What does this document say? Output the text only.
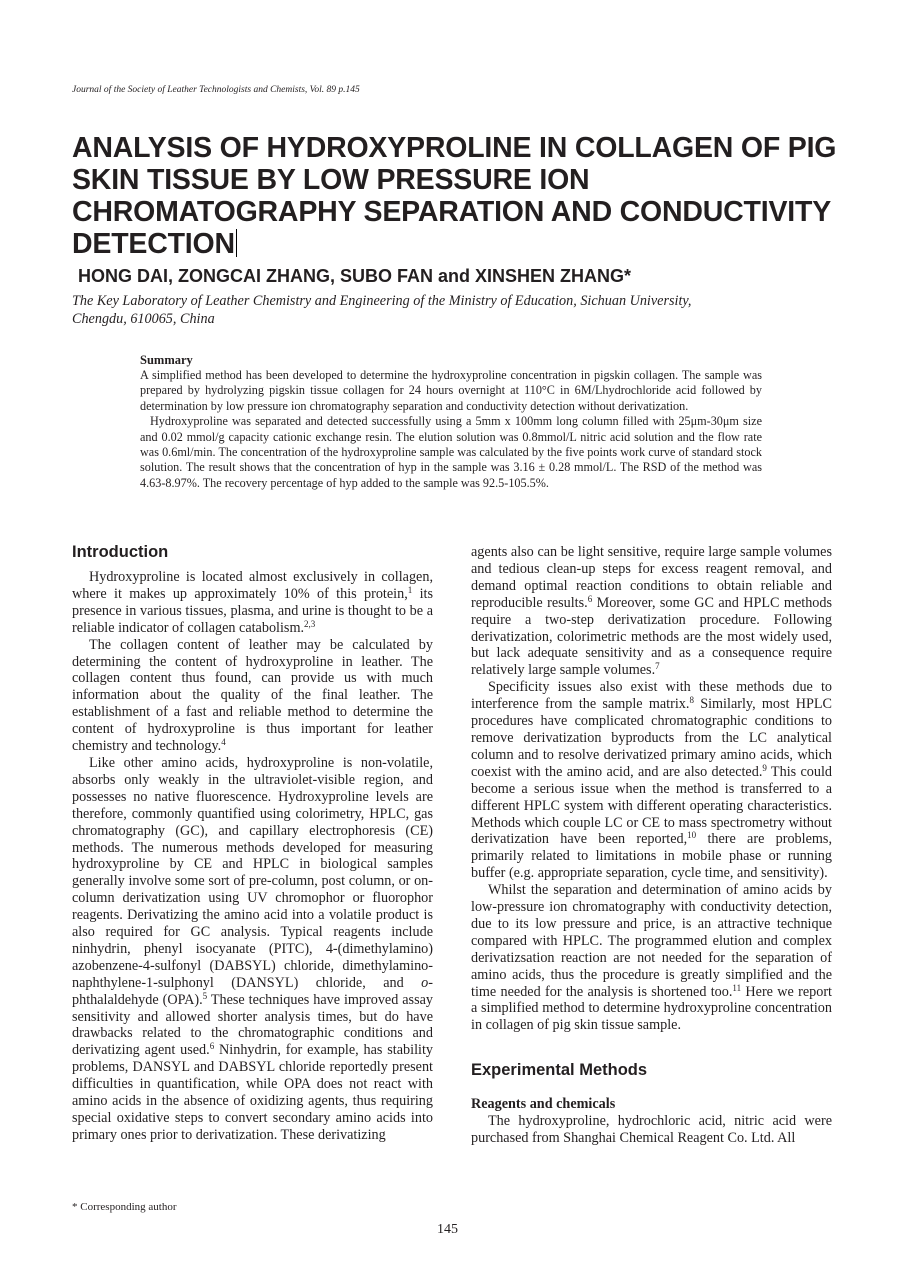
Journal of the Society of Leather Technologists and Chemists, Vol. 89 p.145
ANALYSIS OF HYDROXYPROLINE IN COLLAGEN OF PIG
SKIN TISSUE BY LOW PRESSURE ION
CHROMATOGRAPHY SEPARATION AND CONDUCTIVITY
DETECTION
HONG DAI, ZONGCAI ZHANG, SUBO FAN and XINSHEN ZHANG*
The Key Laboratory of Leather Chemistry and Engineering of the Ministry of Education, Sichuan University,
Chengdu, 610065, China
Summary

A simplified method has been developed to determine the hydroxyproline concentration in pigskin collagen. The sample was prepared by hydrolyzing pigskin tissue collagen for 24 hours overnight at 110°C in 6M/Lhydrochloride acid followed by determination by low pressure ion chromatography separation and conductivity detection without derivatization.

Hydroxyproline was separated and detected successfully using a 5mm x 100mm long column filled with 25μm-30μm size and 0.02 mmol/g capacity cationic exchange resin. The elution solution was 0.8mmol/L nitric acid solution and the flow rate was 0.6ml/min. The concentration of the hydroxyproline sample was calculated by the five points work curve of standard stock solution. The result shows that the concentration of hyp in the sample was 3.16 ± 0.28 mmol/L. The RSD of the method was 4.63-8.97%. The recovery percentage of hyp added to the sample was 92.5-105.5%.

Introduction

Hydroxyproline is located almost exclusively in collagen, where it makes up approximately 10% of this protein,$^1$ its presence in various tissues, plasma, and urine is thought to be a reliable indicator of collagen catabolism.$^{2,3}$

The collagen content of leather may be calculated by determining the content of hydroxyproline in leather. The collagen content thus found, can provide us with much information about the quality of the final leather. The establishment of a fast and reliable method to determine the content of hydroxyproline is thus important for leather chemistry and technology.$^4$

Like other amino acids, hydroxyproline is non-volatile, absorbs only weakly in the ultraviolet-visible region, and possesses no native fluorescence. Hydroxyproline levels are therefore, commonly quantified using colorimetry, HPLC, gas chromatography (GC), and capillary electrophoresis (CE) methods. The numerous methods developed for measuring hydroxyproline by CE and HPLC in biological samples generally involve some sort of pre-column, post column, or on-column derivatization using UV chromophor or fluorophor reagents. Derivatizing the amino acid into a volatile product is also required for GC analysis. Typical reagents include ninhydrin, phenyl isocyanate (PITC), 4-(dimethylamino) azobenzene-4-sulfonyl (DABSYL) chloride, dimethylamino-naphthylene-1-sulphonyl (DANSYL) chloride, and o-phthalaldehyde (OPA).$^5$ These techniques have improved assay sensitivity and allowed shorter analysis times, but do have drawbacks related to the chromatographic conditions and derivatizing agent used.$^6$ Ninhydrin, for example, has stability problems, DANSYL and DABSYL chloride reportedly present difficulties in quantification, while OPA does not react with amino acids in the absence of oxidizing agents, thus requiring special oxidative steps to convert secondary amino acids into primary ones prior to derivatization. These derivatizing

agents also can be light sensitive, require large sample volumes and tedious clean-up steps for excess reagent removal, and demand optimal reaction conditions to obtain reliable and reproducible results.$^6$ Moreover, some GC and HPLC methods require a two-step derivatization procedure. Following derivatization, colorimetric methods are the most widely used, but lack adequate sensitivity and as a consequence require relatively large sample volumes.$^7$

Specificity issues also exist with these methods due to interference from the sample matrix.$^8$ Similarly, most HPLC procedures have complicated chromatographic conditions to remove derivatization byproducts from the LC analytical column and to resolve derivatized primary amino acids, which coexist with the amino acid, and are also detected.$^9$ This could become a serious issue when the method is transferred to a different HPLC system with different operating characteristics. Methods which couple LC or CE to mass spectrometry without derivatization have been reported,$^{10}$ there are problems, primarily related to limitations in mobile phase or running buffer (e.g. appropriate separation, cycle time, and sensitivity).

Whilst the separation and determination of amino acids by low-pressure ion chromatography with conductivity detection, due to its low pressure and price, is an attractive technique compared with HPLC. The programmed elution and complex derivatizsation reaction are not needed for the separation of amino acids, thus the procedure is greatly simplified and the time needed for the analysis is shortened too.$^{11}$ Here we report a simplified method to determine hydroxyproline concentration in collagen of pig skin tissue sample.

Experimental Methods
Reagents and chemicals

The hydroxyproline, hydrochloric acid, nitric acid were purchased from Shanghai Chemical Reagent Co. Ltd. All

* Corresponding author
145
